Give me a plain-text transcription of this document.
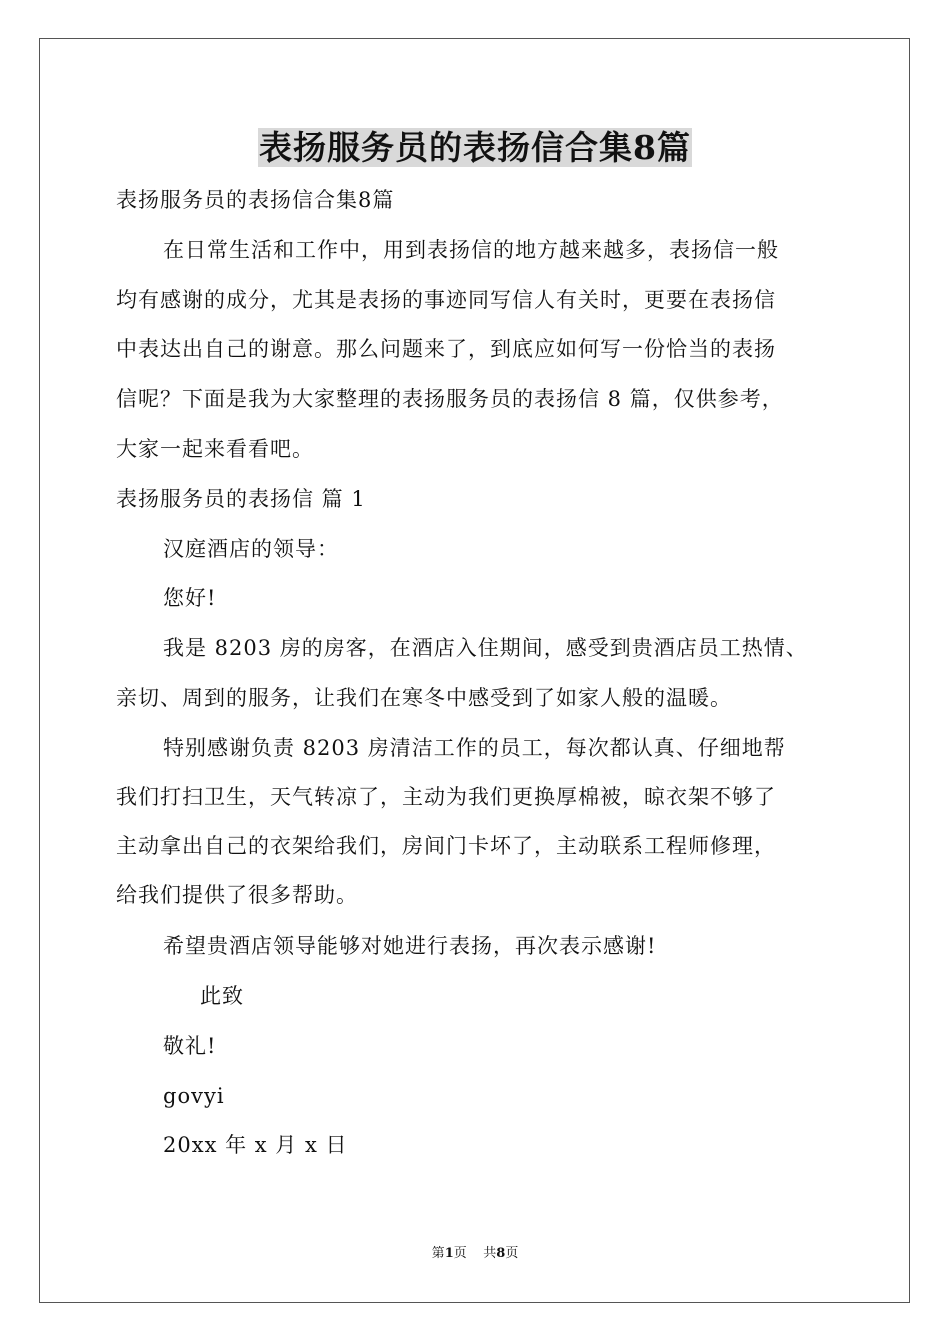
表扬服务员的表扬信合集8篇
表扬服务员的表扬信合集8篇
在日常生活和工作中，用到表扬信的地方越来越多，表扬信一般
均有感谢的成分，尤其是表扬的事迹同写信人有关时，更要在表扬信
中表达出自己的谢意。那么问题来了，到底应如何写一份恰当的表扬
信呢？下面是我为大家整理的表扬服务员的表扬信 8 篇，仅供参考，
大家一起来看看吧。
表扬服务员的表扬信 篇 1
汉庭酒店的领导：
您好!
我是 8203 房的房客，在酒店入住期间，感受到贵酒店员工热情、
亲切、周到的服务，让我们在寒冬中感受到了如家人般的温暖。
特别感谢负责 8203 房清洁工作的员工，每次都认真、仔细地帮
我们打扫卫生，天气转凉了，主动为我们更换厚棉被，晾衣架不够了
主动拿出自己的衣架给我们，房间门卡坏了，主动联系工程师修理，
给我们提供了很多帮助。
希望贵酒店领导能够对她进行表扬，再次表示感谢!
此致
敬礼!
govyi
20xx 年 x 月 x 日
第1页    共8页
